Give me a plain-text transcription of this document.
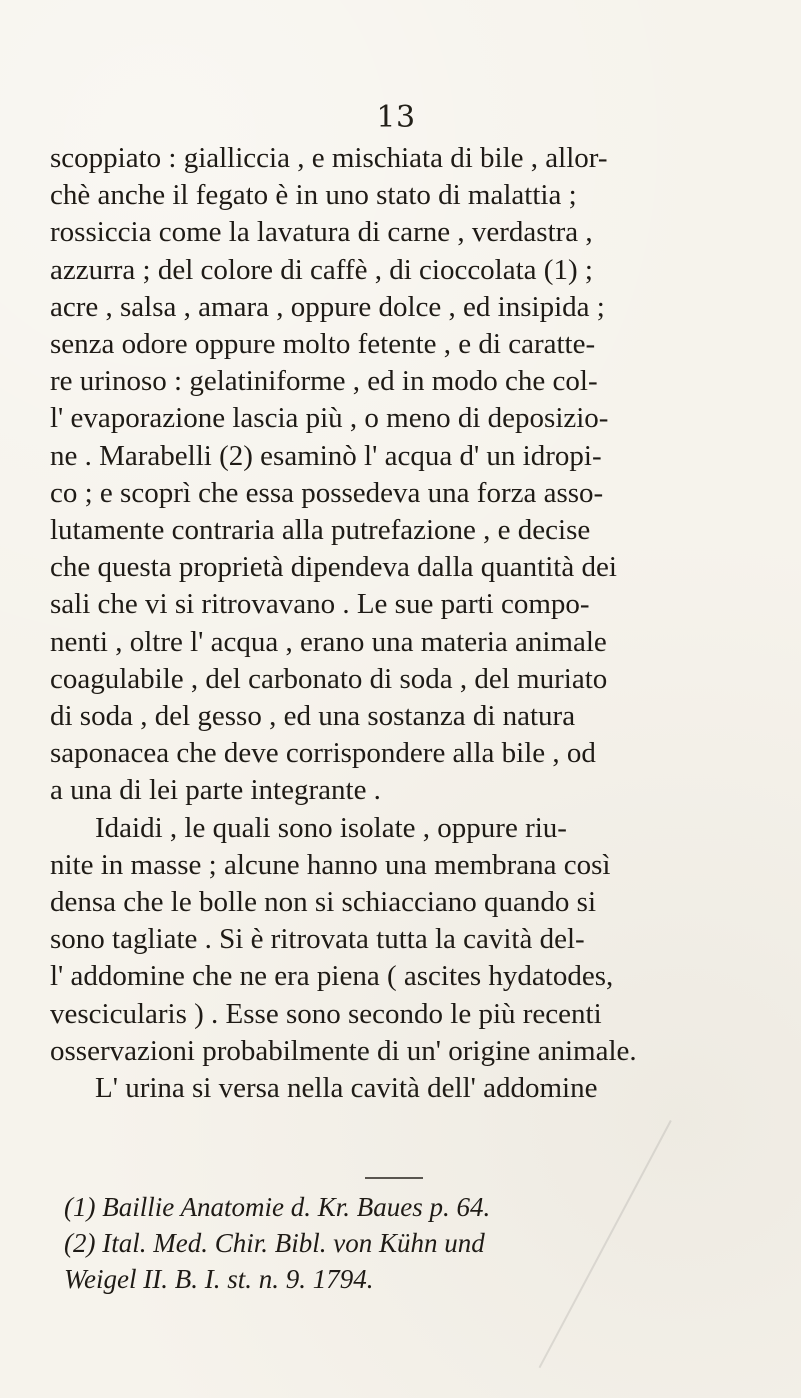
13
scoppiato : gialliccia , e mischiata di bile , allor-
chè anche il fegato è in uno stato di malattia ;
rossiccia come la lavatura di carne , verdastra ,
azzurra ; del colore di caffè , di cioccolata (1) ;
acre , salsa , amara , oppure dolce , ed insipida ;
senza odore oppure molto fetente , e di caratte-
re urinoso : gelatiniforme , ed in modo che col-
l' evaporazione lascia più , o meno di deposizio-
ne . Marabelli (2) esaminò l' acqua d' un idropi-
co ; e scoprì che essa possedeva una forza asso-
lutamente contraria alla putrefazione , e decise
che questa proprietà dipendeva dalla quantità dei
sali che vi si ritrovavano . Le sue parti compo-
nenti , oltre l' acqua , erano una materia animale
coagulabile , del carbonato di soda , del muriato
di soda , del gesso , ed una sostanza di natura
saponacea che deve corrispondere alla bile , od
a una di lei parte integrante .
Idaidi , le quali sono isolate , oppure riu-
nite in masse ; alcune hanno una membrana così
densa che le bolle non si schiacciano quando si
sono tagliate . Si è ritrovata tutta la cavità del-
l' addomine che ne era piena ( ascites hydatodes,
vescicularis ) . Esse sono secondo le più recenti
osservazioni probabilmente di un' origine animale.
L' urina si versa nella cavità dell' addomine
(1) Baillie Anatomie d. Kr. Baues p. 64.
(2) Ital. Med. Chir. Bibl. von Kühn und
Weigel II. B. I. st. n. 9. 1794.
